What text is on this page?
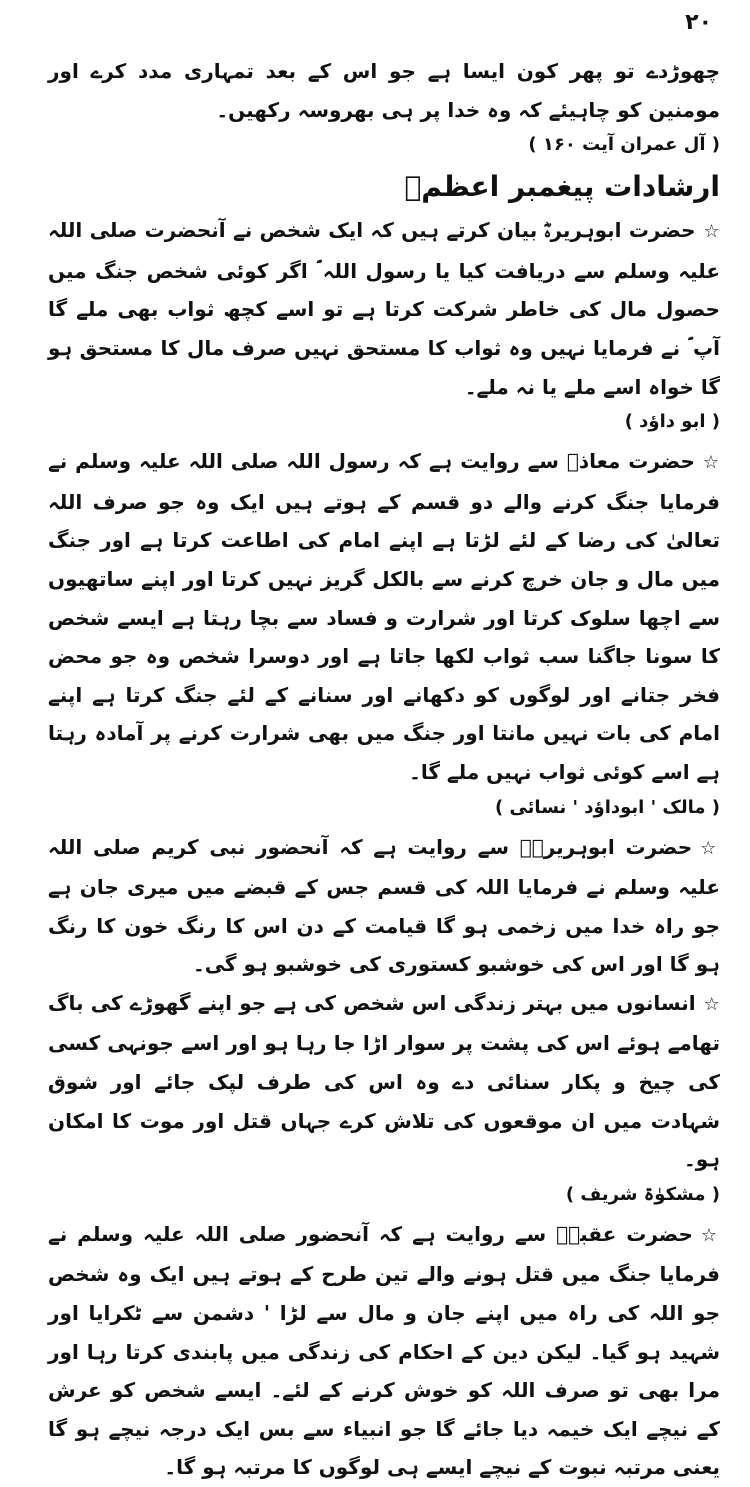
۲۰

چھوڑدے تو پھر کون ایسا ہے جو اس کے بعد تمہاری مدد کرے اور مومنین کو چاہیئے کہ وہ خدا پر ہی بھروسہ رکھیں۔

( آل عمران آیت ۱۶۰ )

ارشادات پیغمبر اعظمؐ

☆حضرت ابوہریرہؓ بیان کرتے ہیں کہ ایک شخص نے آنحضرت صلی اللہ علیہ وسلم سے دریافت کیا یا رسول اللہ ؐ اگر کوئی شخص جنگ میں حصول مال کی خاطر شرکت کرتا ہے تو اسے کچھ ثواب بھی ملے گا آپ ؐ نے فرمایا نہیں وہ ثواب کا مستحق نہیں صرف مال کا مستحق ہو گا خواہ اسے ملے یا نہ ملے۔

( ابو داؤد )

☆حضرت معاذؓ سے روایت ہے کہ رسول اللہ صلی اللہ علیہ وسلم نے فرمایا جنگ کرنے والے دو قسم کے ہوتے ہیں ایک وہ جو صرف اللہ تعالیٰ کی رضا کے لئے لڑتا ہے اپنے امام کی اطاعت کرتا ہے اور جنگ میں مال و جان خرچ کرنے سے بالکل گریز نہیں کرتا اور اپنے ساتھیوں سے اچھا سلوک کرتا اور شرارت و فساد سے بچا رہتا ہے ایسے شخص کا سونا جاگنا سب ثواب لکھا جاتا ہے اور دوسرا شخص وہ جو محض فخر جتانے اور لوگوں کو دکھانے اور سنانے کے لئے جنگ کرتا ہے اپنے امام کی بات نہیں مانتا اور جنگ میں بھی شرارت کرنے پر آمادہ رہتا ہے اسے کوئی ثواب نہیں ملے گا۔

( مالک ' ابوداؤد ' نسائی )

☆حضرت ابوہریرہؓ سے روایت ہے کہ آنحضور نبی کریم صلی اللہ علیہ وسلم نے فرمایا اللہ کی قسم جس کے قبضے میں میری جان ہے جو راہ خدا میں زخمی ہو گا قیامت کے دن اس کا رنگ خون کا رنگ ہو گا اور اس کی خوشبو کستوری کی خوشبو ہو گی۔

☆انسانوں میں بہتر زندگی اس شخص کی ہے جو اپنے گھوڑے کی باگ تھامے ہوئے اس کی پشت پر سوار اڑا جا رہا ہو اور اسے جونہی کسی کی چیخ و پکار سنائی دے وہ اس کی طرف لپک جائے اور شوق شہادت میں ان موقعوں کی تلاش کرے جہاں قتل اور موت کا امکان ہو۔

( مشکوٰۃ شریف )

☆حضرت عقبہؓ سے روایت ہے کہ آنحضور صلی اللہ علیہ وسلم نے فرمایا جنگ میں قتل ہونے والے تین طرح کے ہوتے ہیں ایک وہ شخص جو اللہ کی راہ میں اپنے جان و مال سے لڑا ' دشمن سے ٹکرایا اور شہید ہو گیا۔ لیکن دین کے احکام کی زندگی میں پابندی کرتا رہا اور مرا بھی تو صرف اللہ کو خوش کرنے کے لئے۔ ایسے شخص کو عرش کے نیچے ایک خیمہ دیا جائے گا جو انبیاء سے بس ایک درجہ نیچے ہو گا یعنی مرتبہ نبوت کے نیچے ایسے ہی لوگوں کا مرتبہ ہو گا۔
